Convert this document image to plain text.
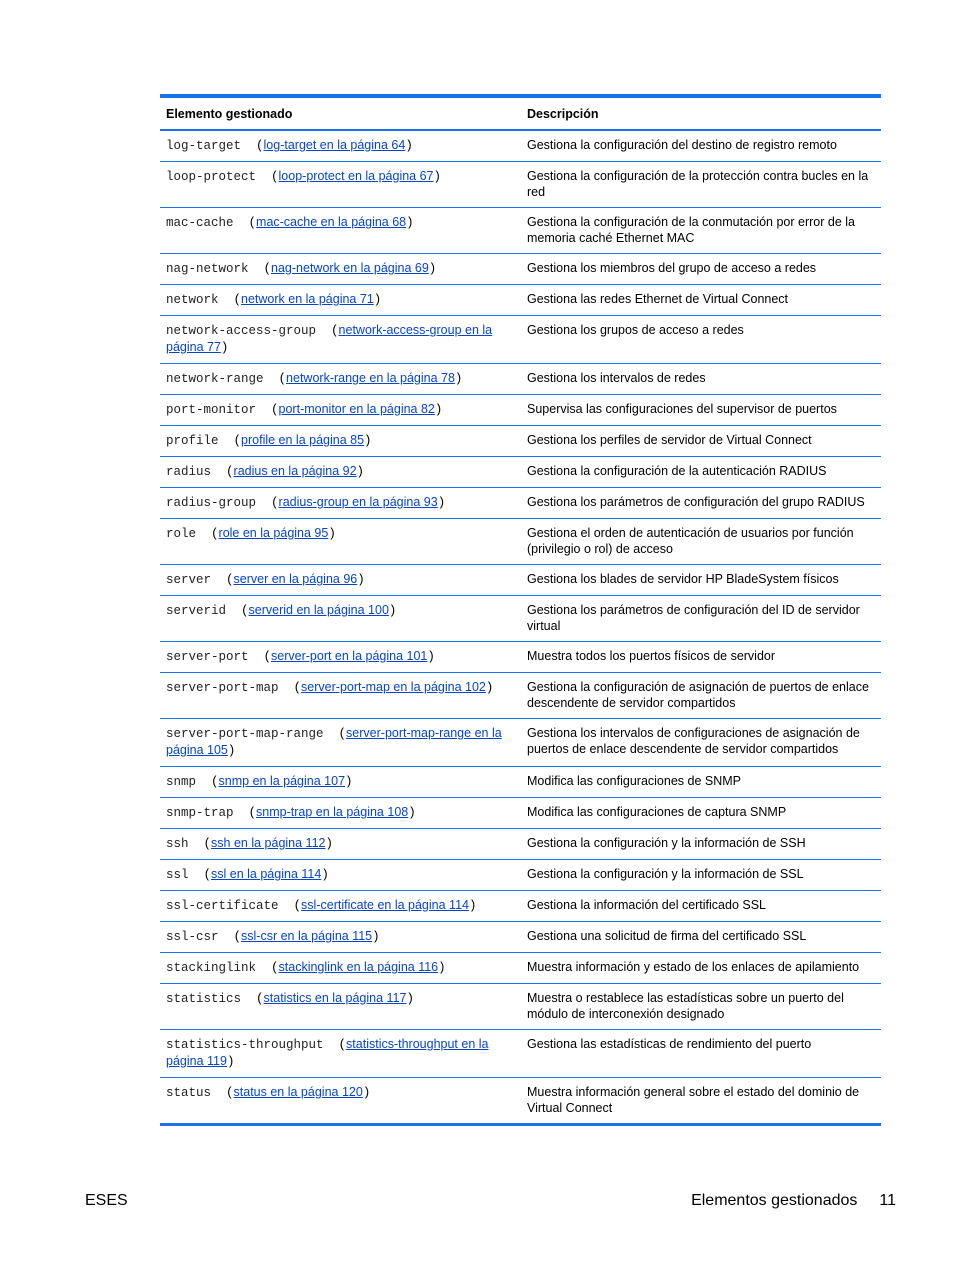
Elemento gestionado	Descripción
log-target  (log-target en la página 64)	Gestiona la configuración del destino de registro remoto
loop-protect  (loop-protect en la página 67)	Gestiona la configuración de la protección contra bucles en la red
mac-cache  (mac-cache en la página 68)	Gestiona la configuración de la conmutación por error de la memoria caché Ethernet MAC
nag-network  (nag-network en la página 69)	Gestiona los miembros del grupo de acceso a redes
network  (network en la página 71)	Gestiona las redes Ethernet de Virtual Connect
network-access-group  (network-access-group en la página 77)	Gestiona los grupos de acceso a redes
network-range  (network-range en la página 78)	Gestiona los intervalos de redes
port-monitor  (port-monitor en la página 82)	Supervisa las configuraciones del supervisor de puertos
profile  (profile en la página 85)	Gestiona los perfiles de servidor de Virtual Connect
radius  (radius en la página 92)	Gestiona la configuración de la autenticación RADIUS
radius-group  (radius-group en la página 93)	Gestiona los parámetros de configuración del grupo RADIUS
role  (role en la página 95)	Gestiona el orden de autenticación de usuarios por función (privilegio o rol) de acceso
server  (server en la página 96)	Gestiona los blades de servidor HP BladeSystem físicos
serverid  (serverid en la página 100)	Gestiona los parámetros de configuración del ID de servidor virtual
server-port  (server-port en la página 101)	Muestra todos los puertos físicos de servidor
server-port-map  (server-port-map en la página 102)	Gestiona la configuración de asignación de puertos de enlace descendente de servidor compartidos
server-port-map-range  (server-port-map-range en la página 105)	Gestiona los intervalos de configuraciones de asignación de puertos de enlace descendente de servidor compartidos
snmp  (snmp en la página 107)	Modifica las configuraciones de SNMP
snmp-trap  (snmp-trap en la página 108)	Modifica las configuraciones de captura SNMP
ssh  (ssh en la página 112)	Gestiona la configuración y la información de SSH
ssl  (ssl en la página 114)	Gestiona la configuración y la información de SSL
ssl-certificate  (ssl-certificate en la página 114)	Gestiona la información del certificado SSL
ssl-csr  (ssl-csr en la página 115)	Gestiona una solicitud de firma del certificado SSL
stackinglink  (stackinglink en la página 116)	Muestra información y estado de los enlaces de apilamiento
statistics  (statistics en la página 117)	Muestra o restablece las estadísticas sobre un puerto del módulo de interconexión designado
statistics-throughput  (statistics-throughput en la página 119)	Gestiona las estadísticas de rendimiento del puerto
status  (status en la página 120)	Muestra información general sobre el estado del dominio de Virtual Connect
ESES	Elementos gestionados 11
